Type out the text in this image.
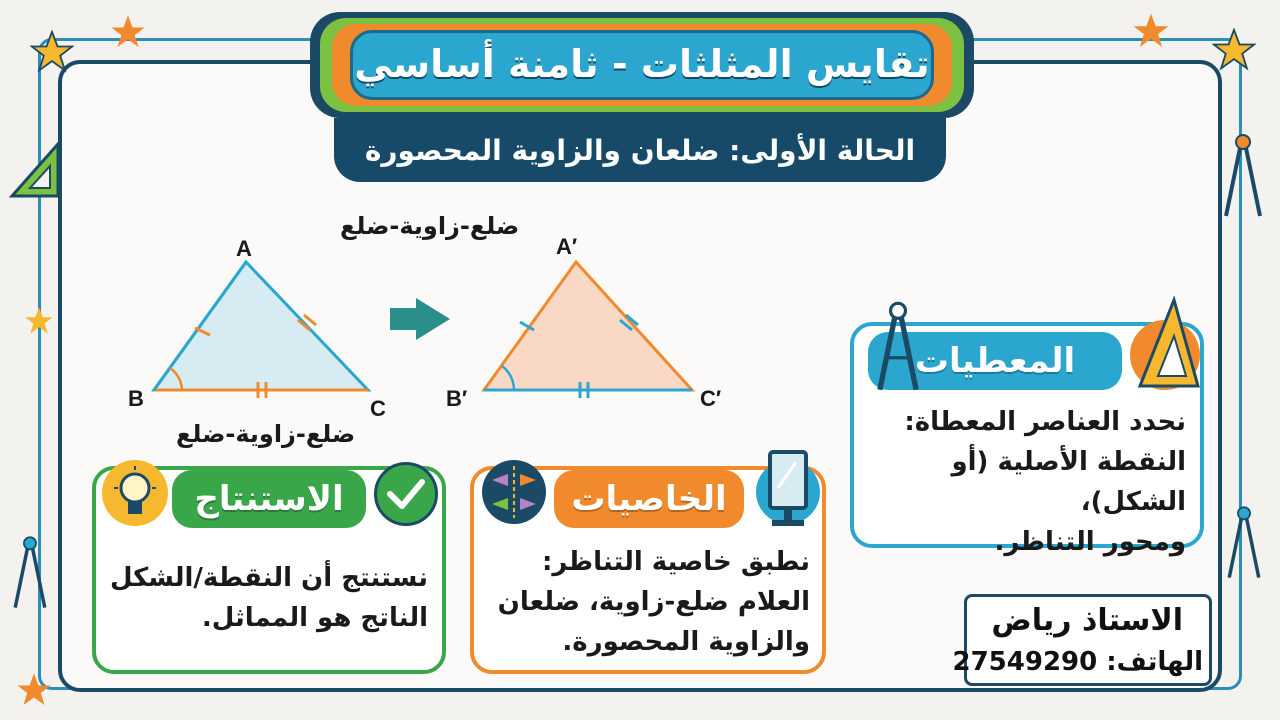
تقايس المثلثات - ثامنة أساسي
الحالة الأولى: ضلعان والزاوية المحصورة
A
B	C
A′
B′	C′
ضلع-زاوية-ضلع
ضلع-زاوية-ضلع
المعطيات
نحدد العناصر المعطاة:
النقطة الأصلية (أو الشكل)،
ومحور التناظر.
الخاصيات
نطبق خاصية التناظر:
العلام ضلع-زاوية، ضلعان
والزاوية المحصورة.
الاستنتاج
نستنتج أن النقطة/الشكل
الناتج هو المماثل.	الاستاذ رياض
الهاتف: 27549290
